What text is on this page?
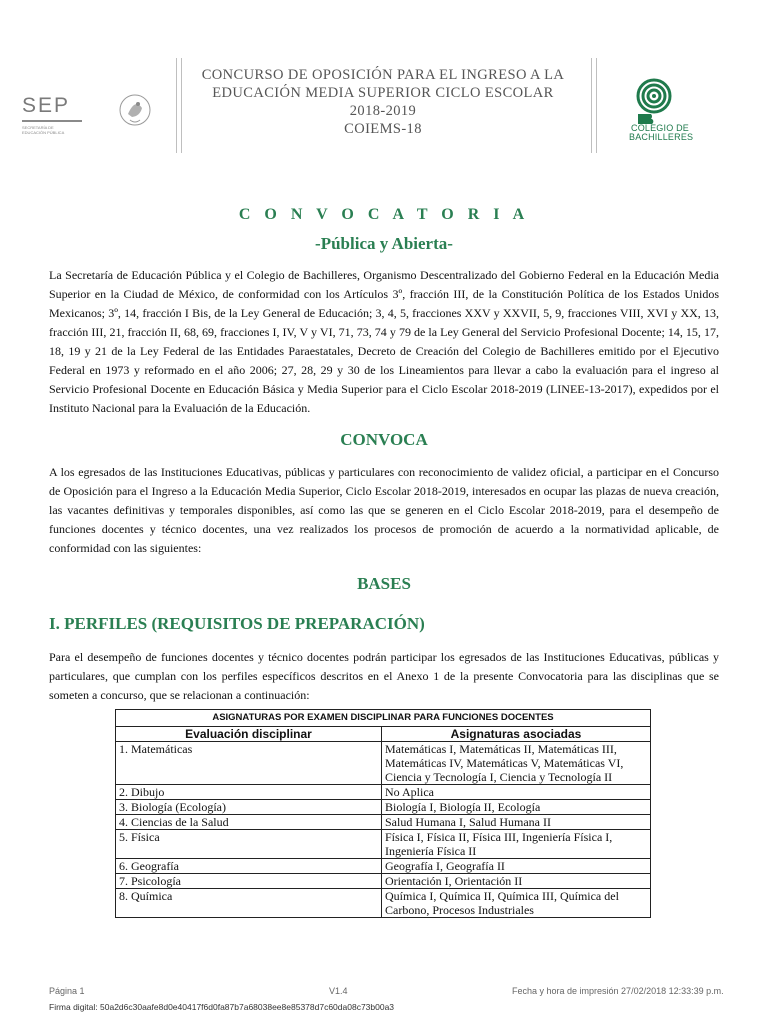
SEP
SECRETARÍA DE
EDUCACIÓN PÚBLICA
CONCURSO DE OPOSICIÓN PARA EL INGRESO A LA
EDUCACIÓN MEDIA SUPERIOR CICLO ESCOLAR
2018-2019
COIEMS-18	COLEGIO DE
BACHILLERES
C O N V O C A T O R I A
-Pública y Abierta-
La Secretaría de Educación Pública y el Colegio de Bachilleres, Organismo Descentralizado del Gobierno Federal en la Educación Media Superior en la Ciudad de México, de conformidad con los Artículos 3º, fracción III, de la Constitución Política de los Estados Unidos Mexicanos; 3º, 14, fracción I Bis, de la Ley General de Educación; 3, 4, 5, fracciones XXV y XXVII, 5, 9, fracciones VIII, XVI y XX, 13, fracción III, 21, fracción II, 68, 69, fracciones I, IV, V y VI, 71, 73, 74 y 79 de la Ley General del Servicio Profesional Docente; 14, 15, 17, 18, 19 y 21 de la Ley Federal de las Entidades Paraestatales, Decreto de Creación del Colegio de Bachilleres emitido por el Ejecutivo Federal en 1973 y reformado en el año 2006; 27, 28, 29 y 30 de los Lineamientos para llevar a cabo la evaluación para el ingreso al Servicio Profesional Docente en Educación Básica y Media Superior para el Ciclo Escolar 2018-2019 (LINEE-13-2017), expedidos por el Instituto Nacional para la Evaluación de la Educación.
CONVOCA
A los egresados de las Instituciones Educativas, públicas y particulares con reconocimiento de validez oficial, a participar en el Concurso de Oposición para el Ingreso a la Educación Media Superior, Ciclo Escolar 2018-2019, interesados en ocupar las plazas de nueva creación, las vacantes definitivas y temporales disponibles, así como las que se generen en el Ciclo Escolar 2018-2019, para el desempeño de funciones docentes y técnico docentes, una vez realizados los procesos de promoción de acuerdo a la normatividad aplicable, de conformidad con las siguientes:
BASES
I. PERFILES (REQUISITOS DE PREPARACIÓN)
Para el desempeño de funciones docentes y técnico docentes podrán participar los egresados de las Instituciones Educativas, públicas y particulares, que cumplan con los perfiles específicos descritos en el Anexo 1 de la presente Convocatoria para las disciplinas que se someten a concurso, que se relacionan a continuación:
ASIGNATURAS POR EXAMEN DISCIPLINAR PARA FUNCIONES DOCENTES	
Evaluación disciplinar	Asignaturas asociadas
1. Matemáticas	Matemáticas I, Matemáticas II, Matemáticas III, Matemáticas IV, Matemáticas V, Matemáticas VI, Ciencia y Tecnología I, Ciencia y Tecnología II
2. Dibujo	No Aplica
3. Biología (Ecología)	Biología I, Biología II, Ecología
4. Ciencias de la Salud	Salud Humana I, Salud Humana II
5. Física	Física I, Física II, Física III, Ingeniería Física I, Ingeniería Física II
6. Geografía	Geografía I, Geografía II
7. Psicología	Orientación I, Orientación II
8. Química	Química I, Química II, Química III, Química del Carbono, Procesos Industriales
Página 1	V1.4	Fecha y hora de impresión 27/02/2018 12:33:39 p.m.
Firma digital: 50a2d6c30aafe8d0e40417f6d0fa87b7a68038ee8e85378d7c60da08c73b00a3
